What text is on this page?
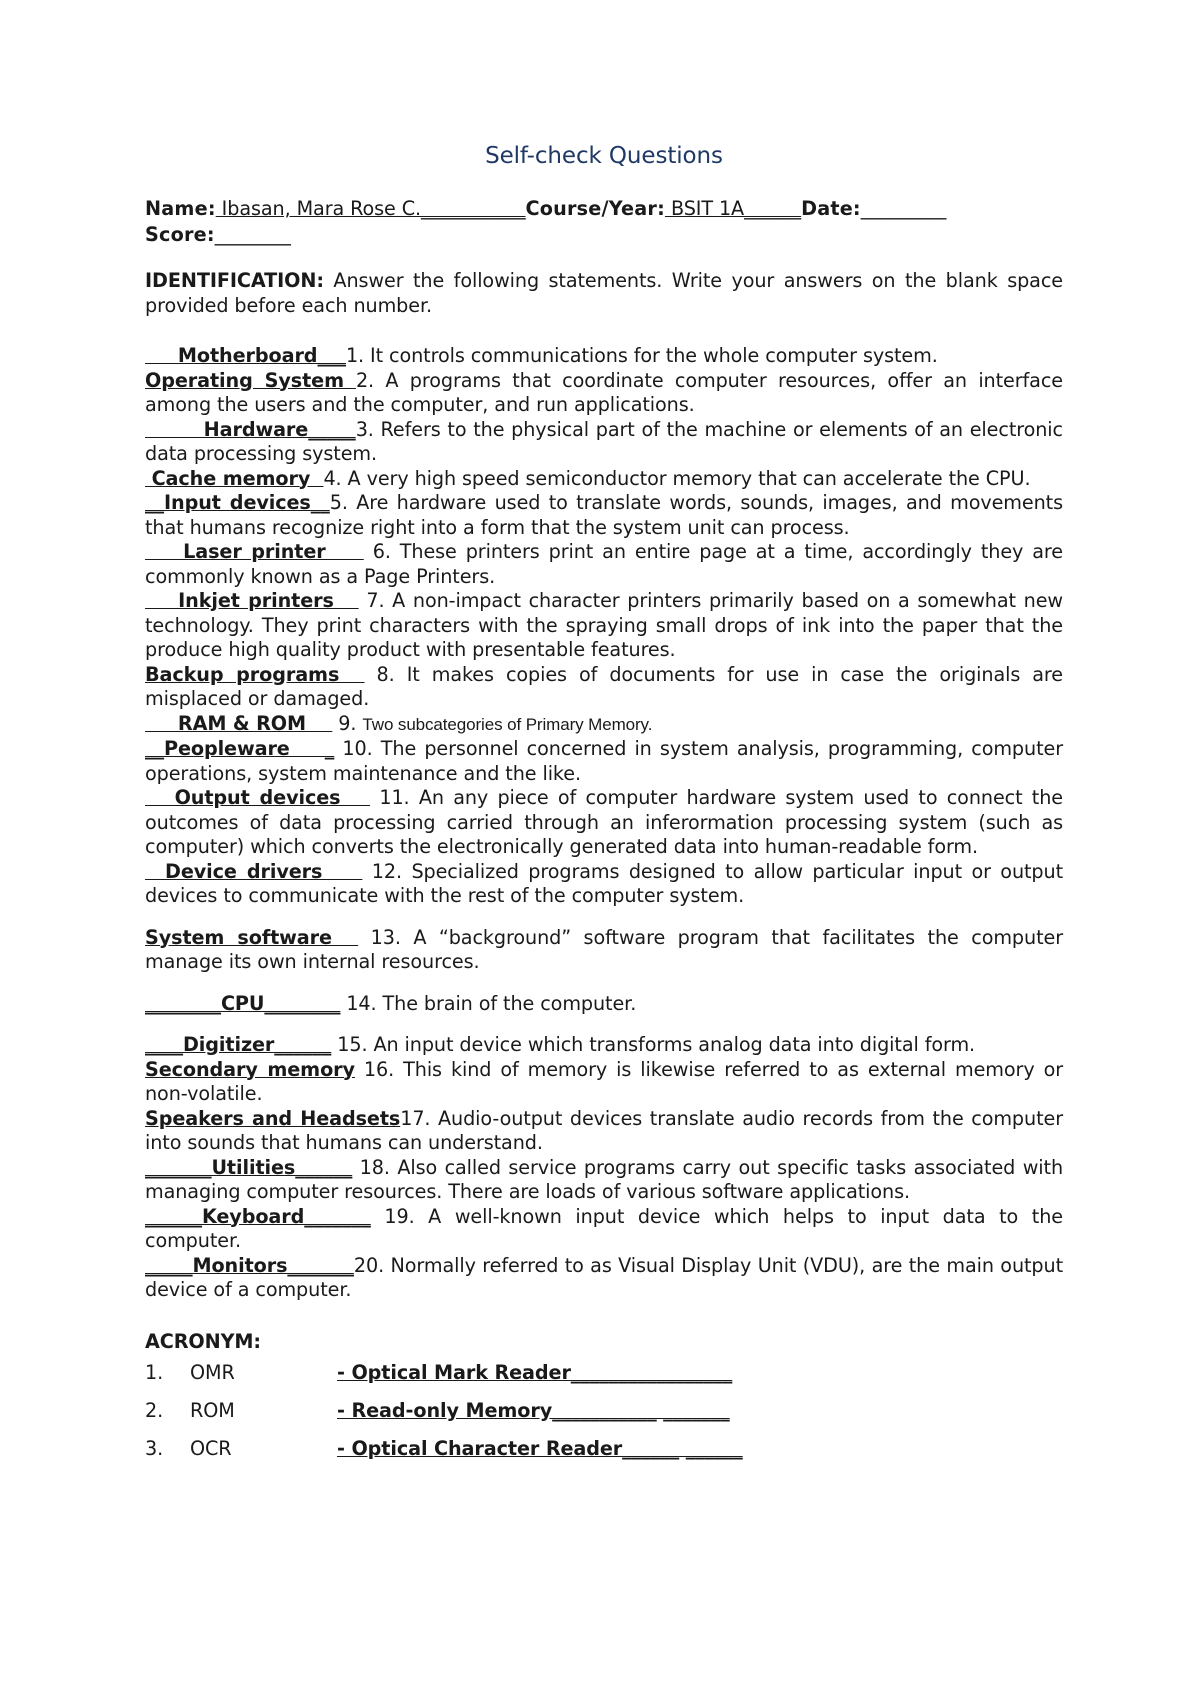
Self-check Questions
Name: Ibasan, Mara Rose C.___________Course/Year: BSIT 1A______Date:_________
Score:________
IDENTIFICATION: Answer the following statements. Write your answers on the blank space provided before each number.
Motherboard___1. It controls communications for the whole computer system.
Operating System 2. A programs that coordinate computer resources, offer an interface among the users and the computer, and run applications.
Hardware_____3. Refers to the physical part of the machine or elements of an electronic data processing system.
Cache memory  4. A very high speed semiconductor memory that can accelerate the CPU.
__Input devices__5. Are hardware used to translate words, sounds, images, and movements that humans recognize right into a form that the system unit can process.
Laser printer     6. These printers print an entire page at a time, accordingly they are commonly known as a Page Printers.
Inkjet printers    7. A non-impact character printers primarily based on a somewhat new technology. They print characters with the spraying small drops of ink into the paper that the produce high quality product with presentable features.
Backup programs   8. It makes copies of documents for use in case the originals are misplaced or damaged.
RAM & ROM     9. Two subcategories of Primary Memory.
__Peopleware    _ 10. The personnel concerned in system analysis, programming, computer operations, system maintenance and the like.
Output devices    11. An any piece of computer hardware system used to connect the outcomes of data processing carried through an inferormation processing system (such as computer) which converts the electronically generated data into human-readable form.
Device drivers     12. Specialized programs designed to allow particular input or output devices to communicate with the rest of the computer system.
System software   13. A “background” software program that facilitates the computer manage its own internal resources.
________CPU________ 14. The brain of the computer.
____Digitizer______ 15. An input device which transforms analog data into digital form.
Secondary memory 16. This kind of memory is likewise referred to as external memory or non-volatile.
Speakers and Headsets17. Audio-output devices translate audio records from the computer into sounds that humans can understand.
_______Utilities______ 18. Also called service programs carry out specific tasks associated with managing computer resources. There are loads of various software applications.
______Keyboard_______ 19. A well-known input device which helps to input data to the computer.
_____Monitors_______20. Normally referred to as Visual Display Unit (VDU), are the main output device of a computer.
ACRONYM:
1.	OMR	- Optical Mark Reader_________________
2.	ROM	- Read-only Memory___________ _______
3.	OCR	- Optical Character Reader______ ______
